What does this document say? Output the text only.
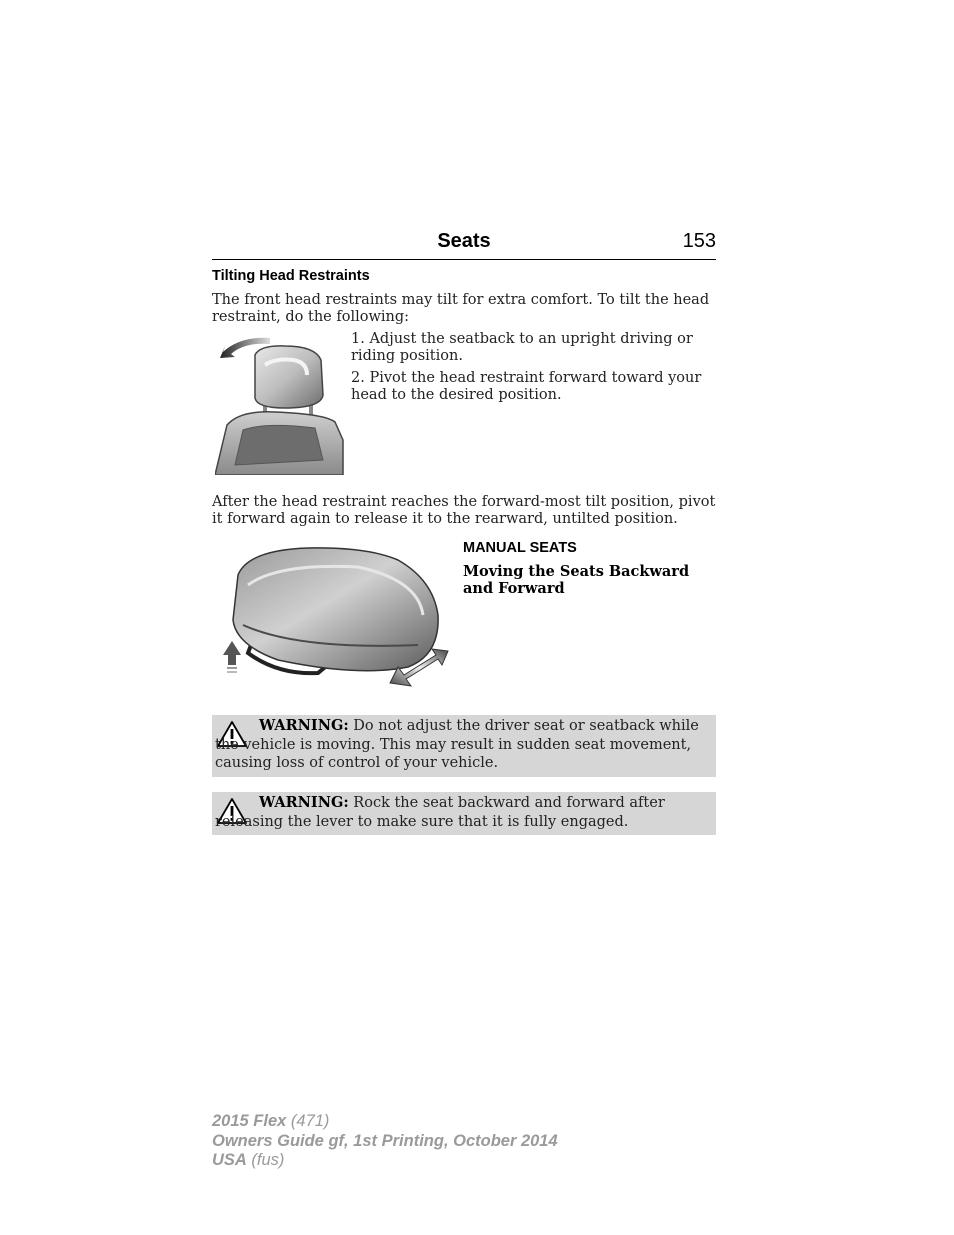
Seats	153
Tilting Head Restraints
The front head restraints may tilt for extra comfort. To tilt the head restraint, do the following:
1. Adjust the seatback to an upright driving or riding position.
2. Pivot the head restraint forward toward your head to the desired position.
After the head restraint reaches the forward-most tilt position, pivot it forward again to release it to the rearward, untilted position.
MANUAL SEATS
Moving the Seats Backward and Forward
WARNING: Do not adjust the driver seat or seatback while the vehicle is moving. This may result in sudden seat movement, causing loss of control of your vehicle.
WARNING: Rock the seat backward and forward after releasing the lever to make sure that it is fully engaged.
2015 Flex (471)
Owners Guide gf, 1st Printing, October 2014
USA (fus)
